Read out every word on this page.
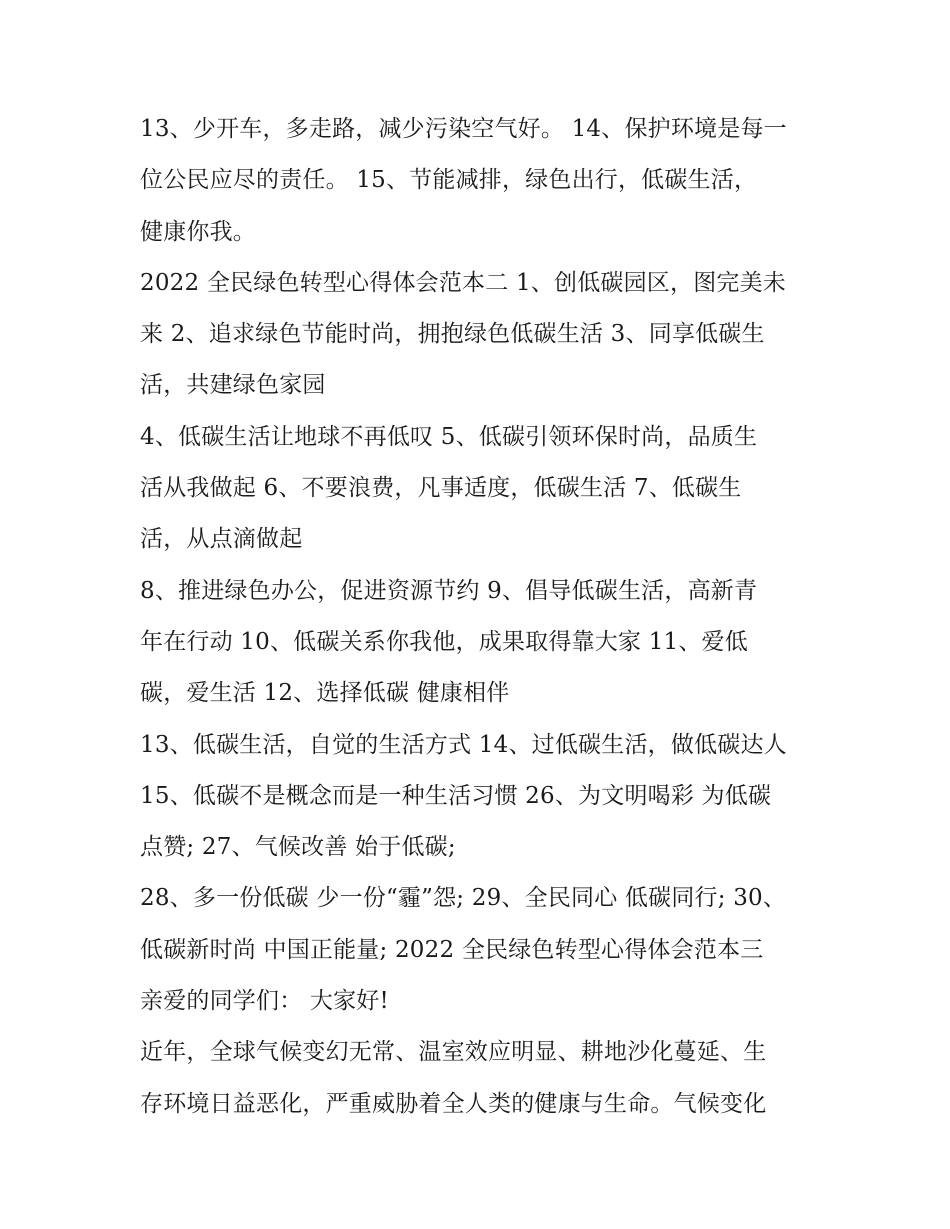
13、少开车，多走路，减少污染空气好。 14、保护环境是每一
位公民应尽的责任。 15、节能减排，绿色出行，低碳生活，
健康你我。
2022 全民绿色转型心得体会范本二 1、创低碳园区，图完美未
来 2、追求绿色节能时尚，拥抱绿色低碳生活 3、同享低碳生
活，共建绿色家园
4、低碳生活让地球不再低叹 5、低碳引领环保时尚，品质生
活从我做起 6、不要浪费，凡事适度，低碳生活 7、低碳生
活，从点滴做起
8、推进绿色办公，促进资源节约 9、倡导低碳生活，高新青
年在行动 10、低碳关系你我他，成果取得靠大家 11、爱低
碳，爱生活 12、选择低碳 健康相伴
13、低碳生活，自觉的生活方式 14、过低碳生活，做低碳达人
15、低碳不是概念而是一种生活习惯 26、为文明喝彩 为低碳
点赞; 27、气候改善 始于低碳;
28、多一份低碳 少一份“霾”怨; 29、全民同心 低碳同行; 30、
低碳新时尚 中国正能量; 2022 全民绿色转型心得体会范本三
亲爱的同学们： 大家好!
近年，全球气候变幻无常、温室效应明显、耕地沙化蔓延、生
存环境日益恶化，严重威胁着全人类的健康与生命。气候变化
